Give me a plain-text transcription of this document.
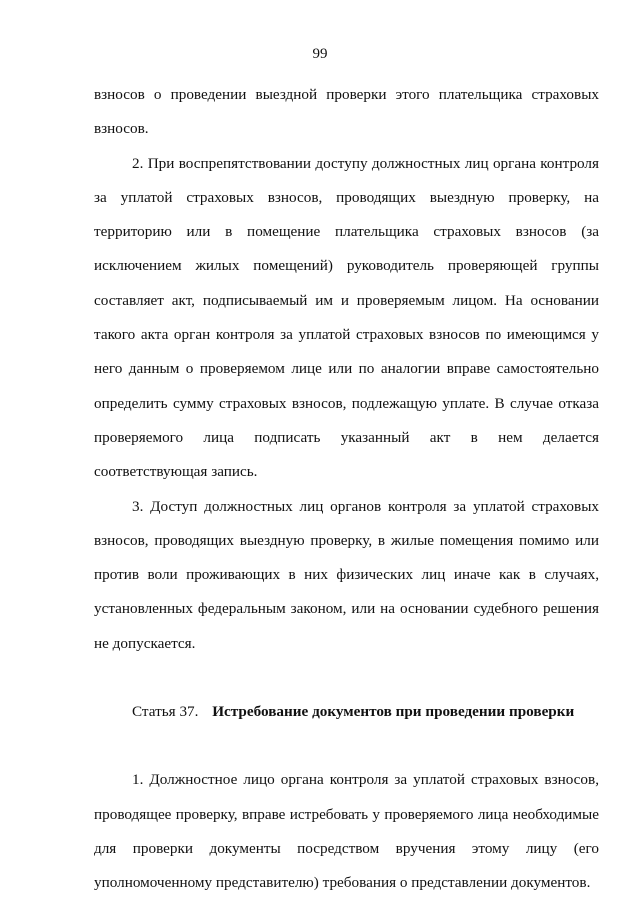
99

взносов о проведении выездной проверки этого плательщика страховых взносов.

2. При воспрепятствовании доступу должностных лиц органа контроля за уплатой страховых взносов, проводящих выездную проверку, на территорию или в помещение плательщика страховых взносов (за исключением жилых помещений) руководитель проверяющей группы составляет акт, подписываемый им и проверяемым лицом. На основании такого акта орган контроля за уплатой страховых взносов по имеющимся у него данным о проверяемом лице или по аналогии вправе самостоятельно определить сумму страховых взносов, подлежащую уплате. В случае отказа проверяемого лица подписать указанный акт в нем делается соответствующая запись.

3. Доступ должностных лиц органов контроля за уплатой страховых взносов, проводящих выездную проверку, в жилые помещения помимо или против воли проживающих в них физических лиц иначе как в случаях, установленных федеральным законом, или на основании судебного решения не допускается.

Статья 37. Истребование документов при проведении проверки

1. Должностное лицо органа контроля за уплатой страховых взносов, проводящее проверку, вправе истребовать у проверяемого лица необходимые для проверки документы посредством вручения этому лицу (его уполномоченному представителю) требования о представлении документов.
